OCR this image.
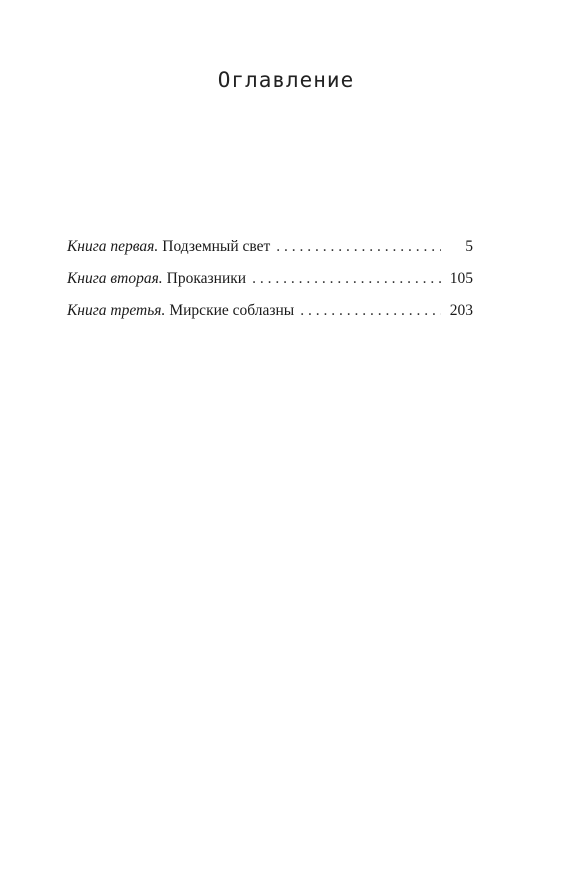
Оглавление
Книга первая. Подземный свет . . .	5
Книга вторая. Проказники . . .	105
Книга третья. Мирские соблазны . . .	203
